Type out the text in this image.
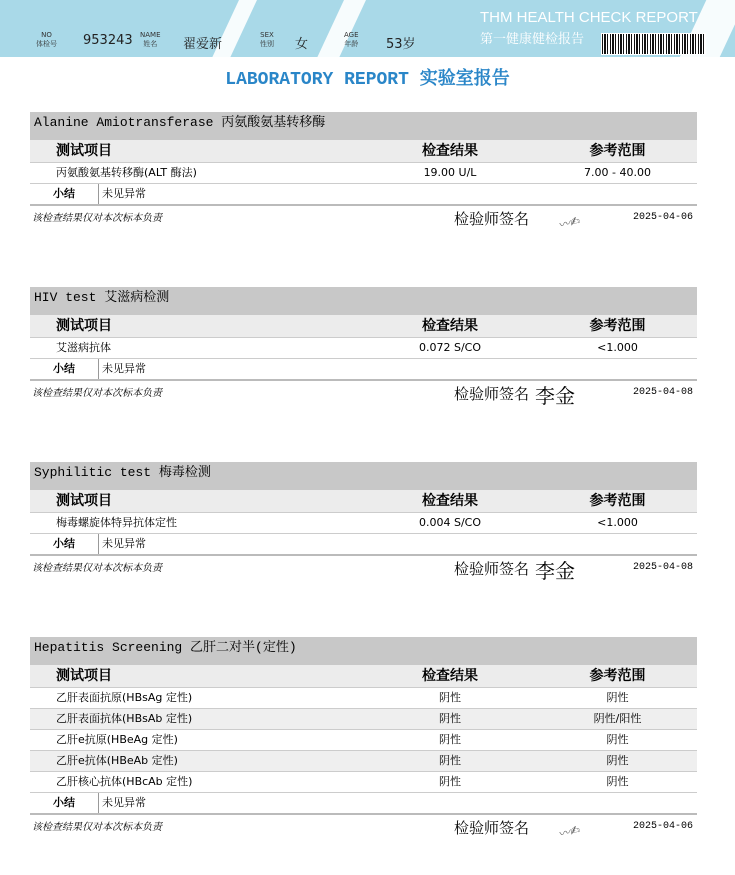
NO
体检号 953243 NAME
姓名 翟爱新
SEX
性别 女
AGE
年龄 53岁
THM HEALTH CHECK REPORT
第一健康健检报告
LABORATORY REPORT 实验室报告
Alanine Amiotransferase 丙氨酸氨基转移酶
测试项目	检查结果	参考范围
丙氨酸氨基转移酶(ALT 酶法)	19.00 U/L	7.00 - 40.00
小结	未见异常
该检查结果仅对本次标本负责	检验师签名 〰✍	2025-04-06
HIV test 艾滋病检测
测试项目	检查结果	参考范围
艾滋病抗体	0.072 S/CO	<1.000
小结	未见异常
该检查结果仅对本次标本负责	检验师签名 李金	2025-04-08
Syphilitic test 梅毒检测
测试项目	检查结果	参考范围
梅毒螺旋体特异抗体定性	0.004 S/CO	<1.000
小结	未见异常
该检查结果仅对本次标本负责	检验师签名 李金	2025-04-08
Hepatitis Screening 乙肝二对半(定性)
测试项目	检查结果	参考范围
乙肝表面抗原(HBsAg 定性)	阴性	阴性
乙肝表面抗体(HBsAb 定性)	阴性	阴性/阳性
乙肝e抗原(HBeAg 定性)	阴性	阴性
乙肝e抗体(HBeAb 定性)	阴性	阴性
乙肝核心抗体(HBcAb 定性)	阴性	阴性
小结	未见异常
该检查结果仅对本次标本负责	检验师签名 〰✍	2025-04-06
